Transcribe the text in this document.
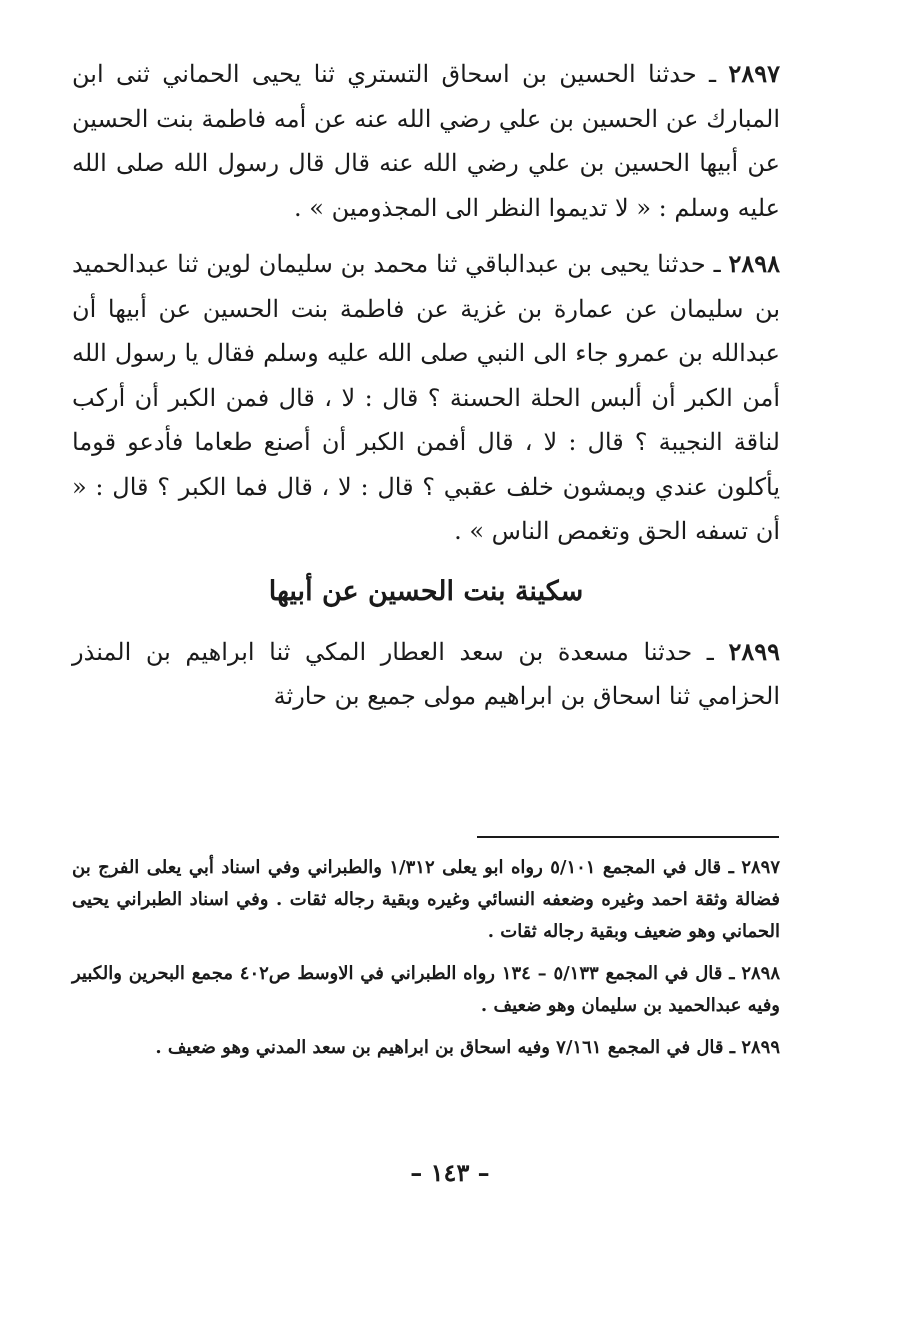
٢٨٩٧ ـ حدثنا الحسين بن اسحاق التستري ثنا يحيى الحماني ثنى ابن المبارك عن الحسين بن علي رضي الله عنه عن أمه فاطمة بنت الحسين عن أبيها الحسين بن علي رضي الله عنه قال قال رسول الله صلى الله عليه وسلم : « لا تديموا النظر الى المجذومين » .

٢٨٩٨ ـ حدثنا يحيى بن عبدالباقي ثنا محمد بن سليمان لوين ثنا عبدالحميد بن سليمان عن عمارة بن غزية عن فاطمة بنت الحسين عن أبيها أن عبدالله بن عمرو جاء الى النبي صلى الله عليه وسلم فقال يا رسول الله أمن الكبر أن ألبس الحلة الحسنة ؟ قال : لا ، قال فمن الكبر أن أركب لناقة النجيبة ؟ قال : لا ، قال أفمن الكبر أن أصنع طعاما فأدعو قوما يأكلون عندي ويمشون خلف عقبي ؟ قال : لا ، قال فما الكبر ؟ قال : « أن تسفه الحق وتغمص الناس » .

سكينة بنت الحسين عن أبيها

٢٨٩٩ ـ حدثنا مسعدة بن سعد العطار المكي ثنا ابراهيم بن المنذر الحزامي ثنا اسحاق بن ابراهيم مولى جميع بن حارثة

٢٨٩٧ ـ قال في المجمع ٥/١٠١ رواه ابو يعلى ١/٣١٢ والطبراني وفي اسناد أبي يعلى الفرج بن فضالة وثقة احمد وغيره وضعفه النسائي وغيره وبقية رجاله ثقات . وفي اسناد الطبراني يحيى الحماني وهو ضعيف وبقية رجاله ثقات .

٢٨٩٨ ـ قال في المجمع ٥/١٣٣ – ١٣٤ رواه الطبراني في الاوسط ص٤٠٢ مجمع البحرين والكبير وفيه عبدالحميد بن سليمان وهو ضعيف .

٢٨٩٩ ـ قال في المجمع ٧/١٦١ وفيه اسحاق بن ابراهيم بن سعد المدني وهو ضعيف .

– ١٤٣ –
